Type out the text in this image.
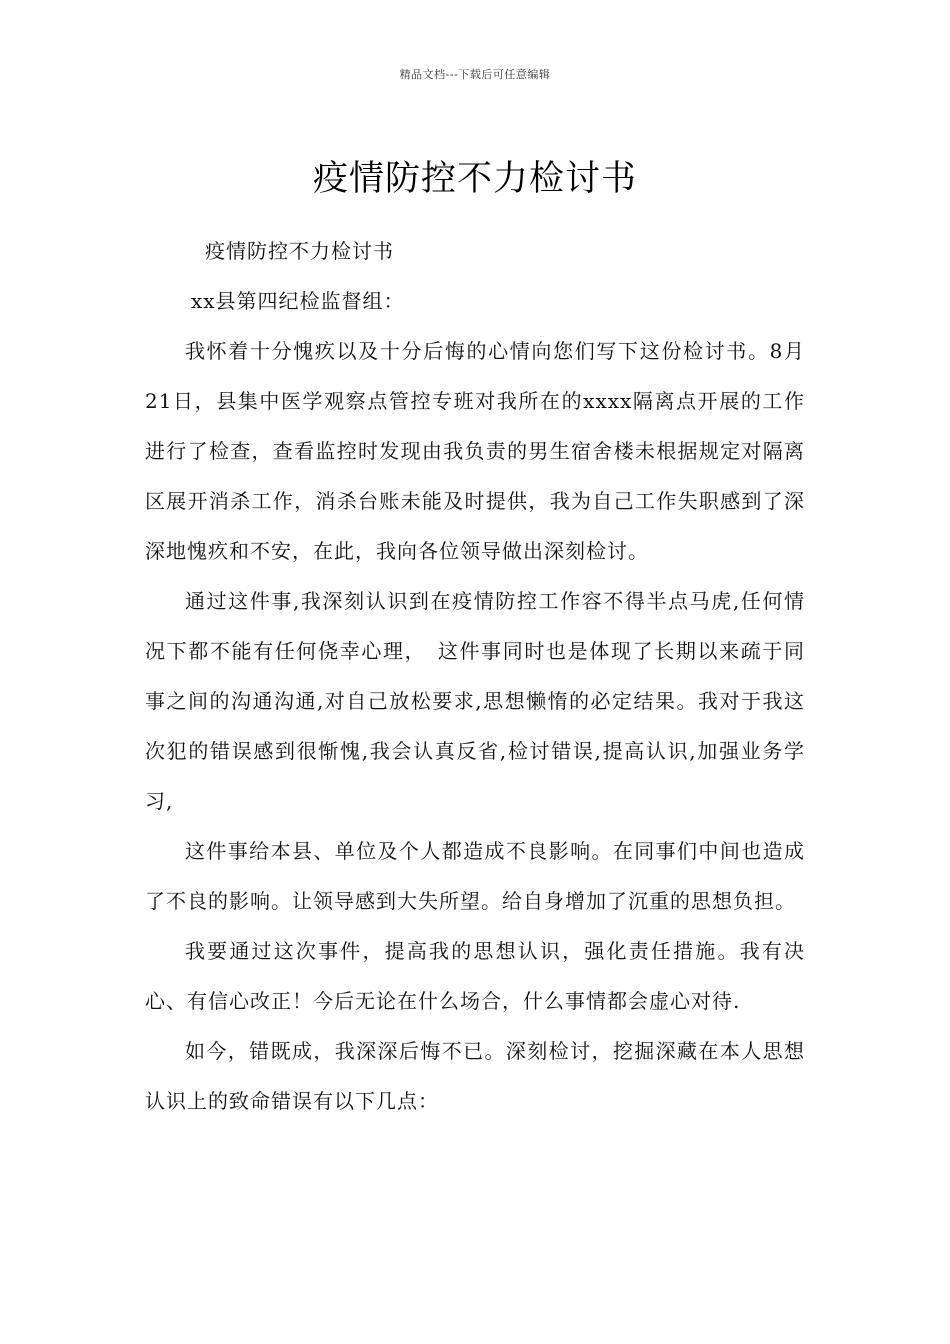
精品文档---下载后可任意编辑
疫情防控不力检讨书

疫情防控不力检讨书

xx县第四纪检监督组：

我怀着十分愧疚以及十分后悔的心情向您们写下这份检讨书。8月21日，县集中医学观察点管控专班对我所在的xxxx隔离点开展的工作进行了检查，查看监控时发现由我负责的男生宿舍楼未根据规定对隔离区展开消杀工作，消杀台账未能及时提供，我为自己工作失职感到了深深地愧疚和不安，在此，我向各位领导做出深刻检讨。

通过这件事,我深刻认识到在疫情防控工作容不得半点马虎,任何情况下都不能有任何侥幸心理，　这件事同时也是体现了长期以来疏于同事之间的沟通沟通,对自己放松要求,思想懒惰的必定结果。我对于我这次犯的错误感到很惭愧,我会认真反省,检讨错误,提高认识,加强业务学习,

这件事给本县、单位及个人都造成不良影响。在同事们中间也造成了不良的影响。让领导感到大失所望。给自身增加了沉重的思想负担。

我要通过这次事件，提高我的思想认识，强化责任措施。我有决心、有信心改正！今后无论在什么场合，什么事情都会虚心对待.

如今，错既成，我深深后悔不已。深刻检讨，挖掘深藏在本人思想认识上的致命错误有以下几点：
